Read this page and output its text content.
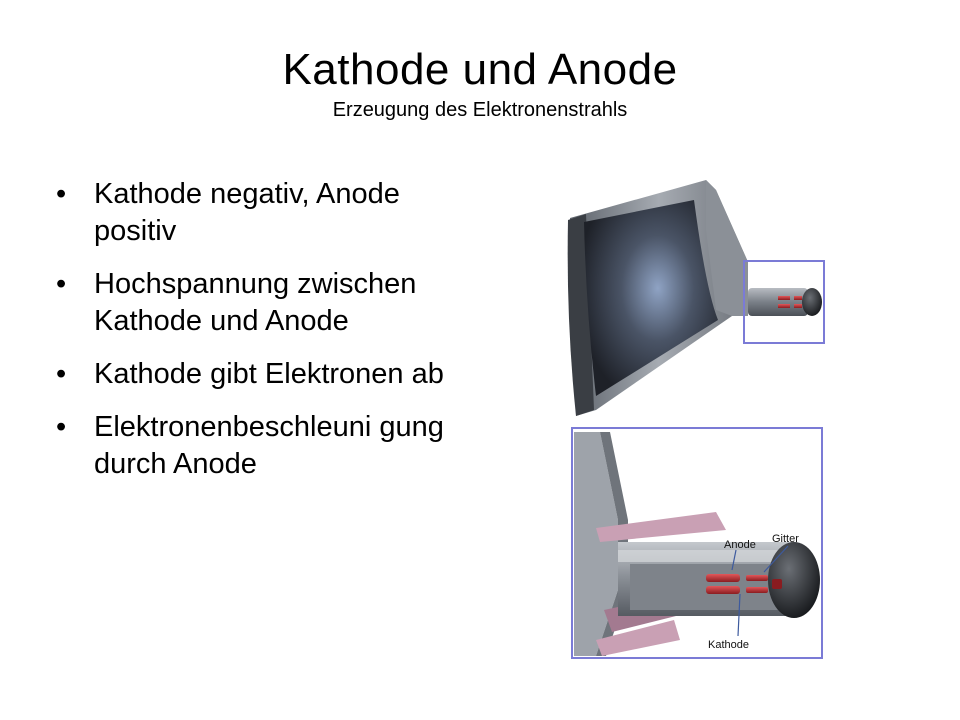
Kathode und Anode
Erzeugung des Elektronenstrahls
• Kathode negativ, Anode positiv
• Hochspannung zwischen Kathode und Anode
• Kathode gibt Elektronen ab
• Elektronenbeschleuni gung durch Anode
Anode Gitter
Kathode
